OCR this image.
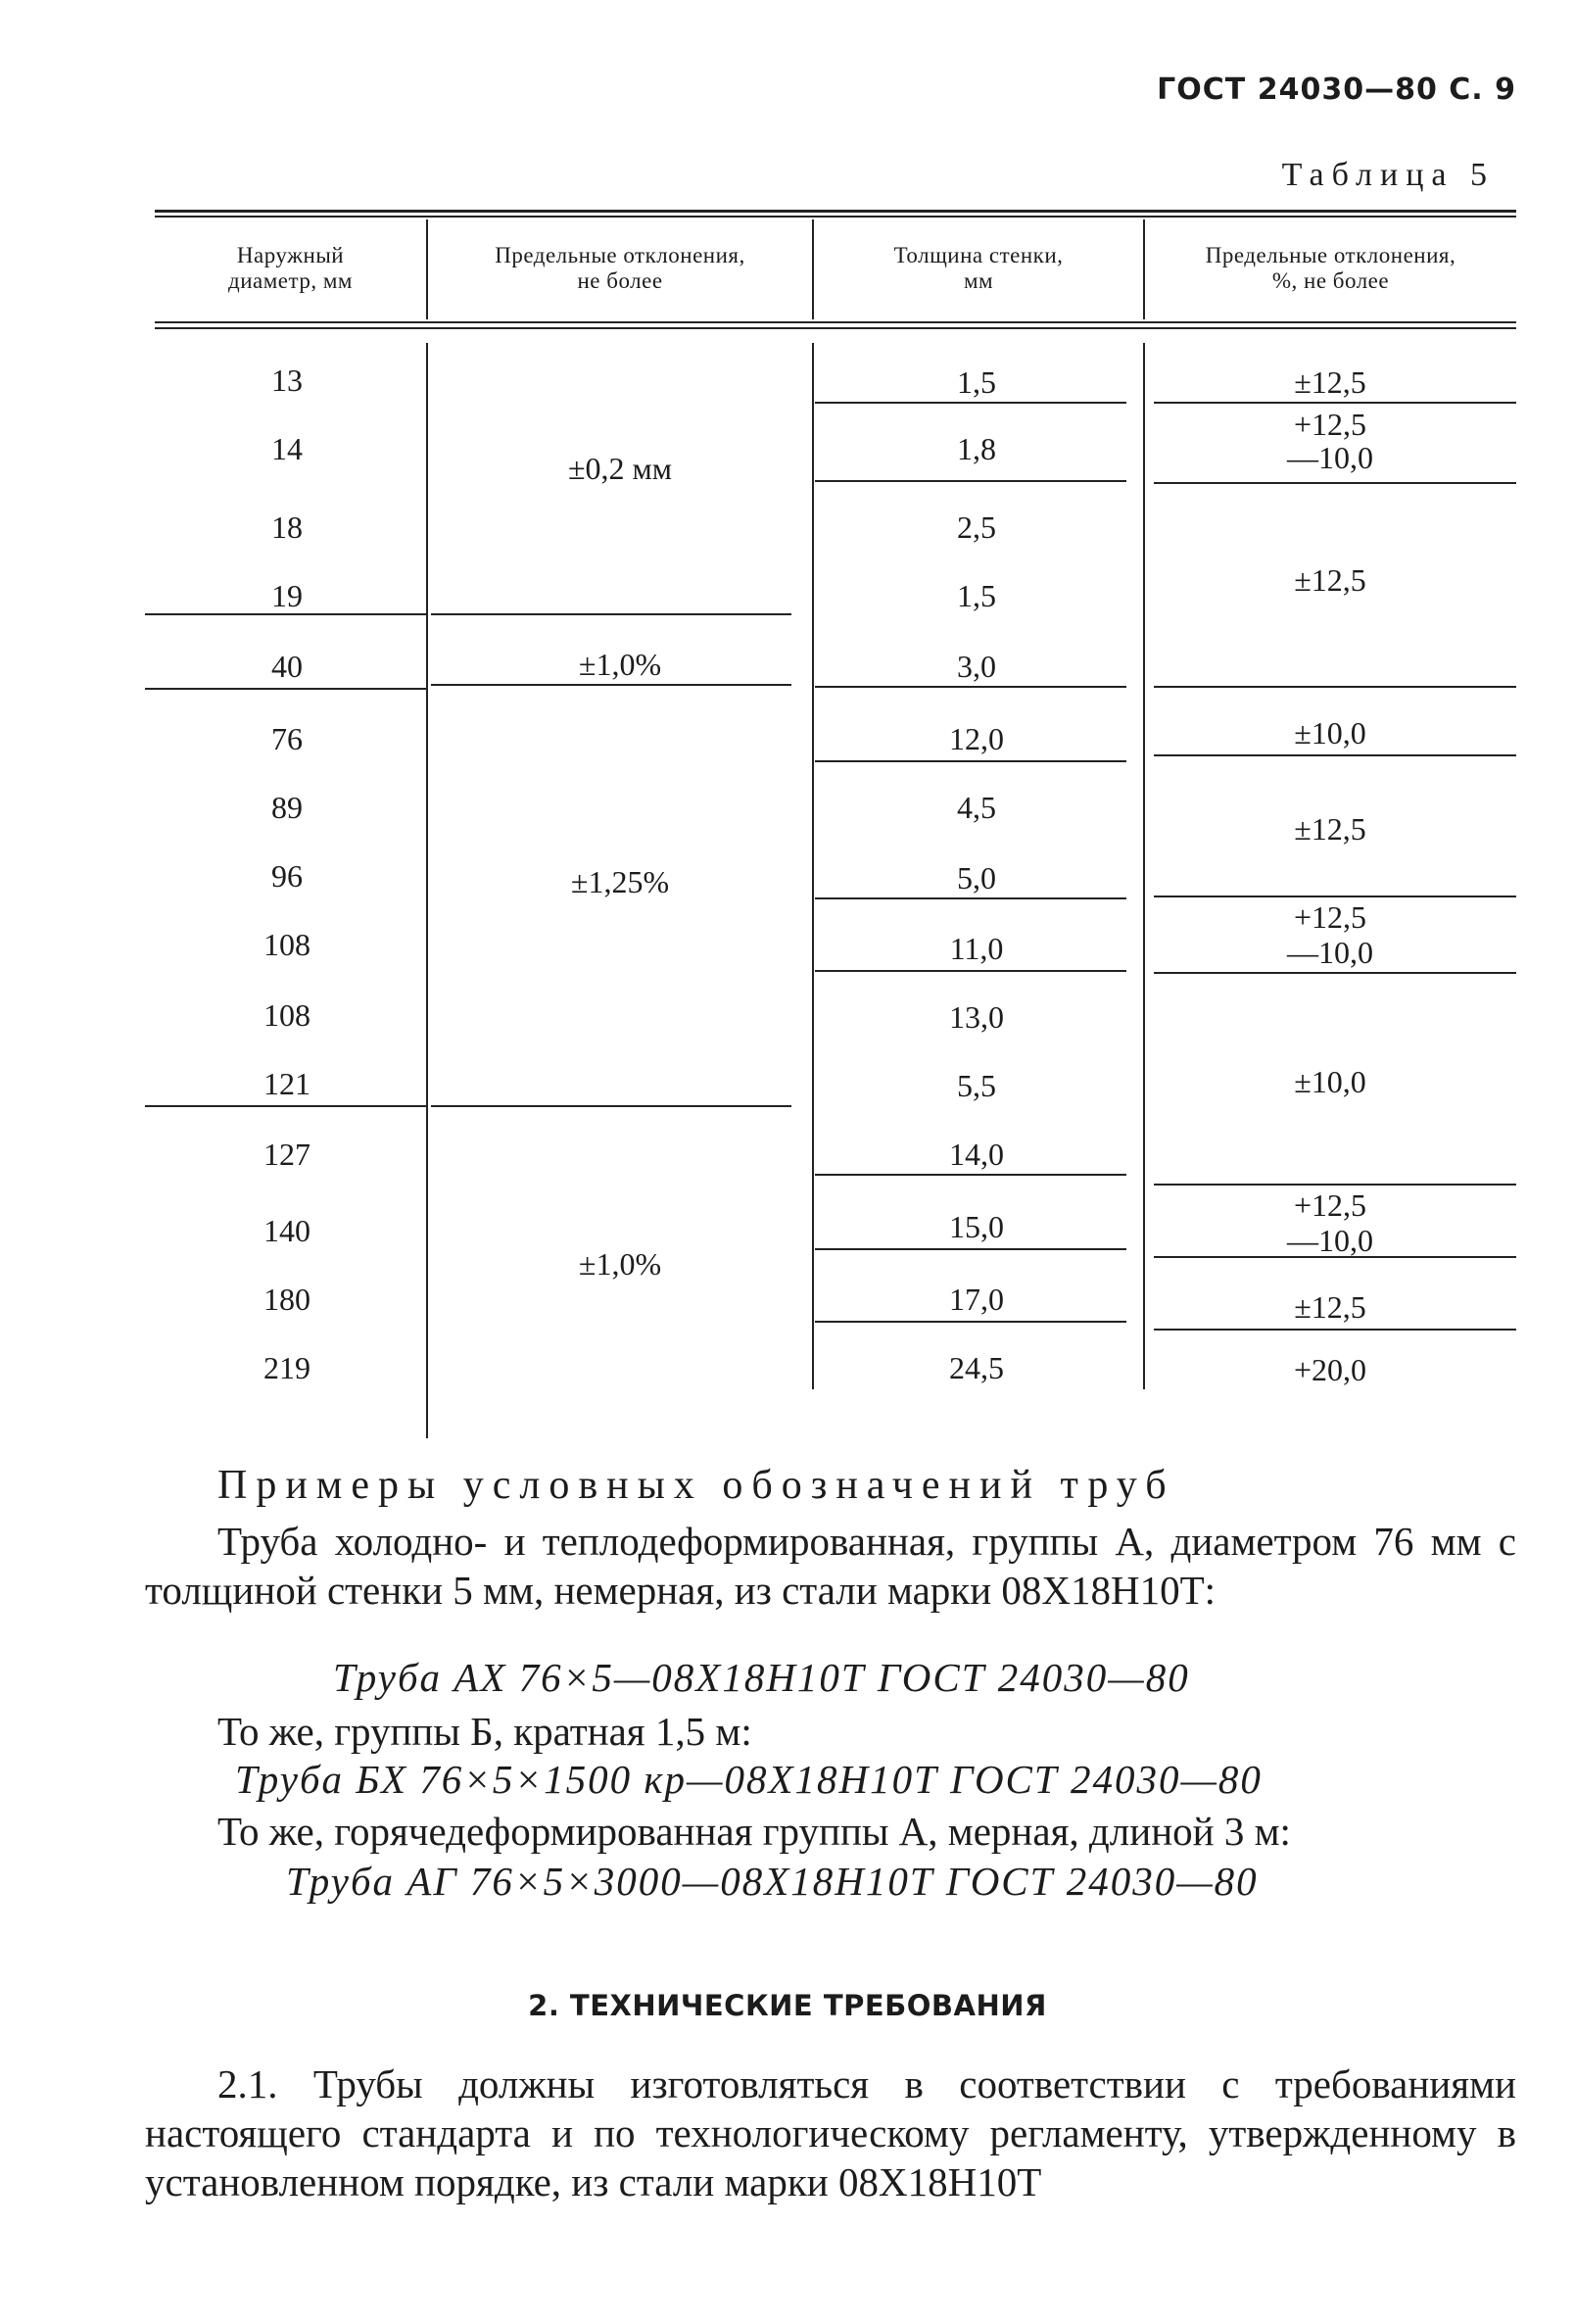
ГОСТ 24030—80 С. 9
Таблица 5
Наружный
диаметр, мм
Предельные отклонения,
не более
Толщина стенки,
мм
Предельные отклонения,
%, не более
13
14
18
19
40
76
89
96
108
108
121
127
140
180
219
±0,2 мм
±1,0%
±1,25%
±1,0%
1,5
1,8
2,5
1,5
3,0
12,0
4,5
5,0
11,0
13,0
5,5
14,0
15,0
17,0
24,5
±12,5
+12,5
—10,0
±12,5
±10,0
±12,5
+12,5
—10,0
±10,0
+12,5
—10,0
±12,5
+20,0
Примеры условных обозначений труб
Труба холодно- и теплодеформированная, группы А, диаметром 76 мм с толщиной стенки 5 мм, немерная, из стали марки 08Х18Н10Т:
Труба АХ 76×5—08Х18Н10Т ГОСТ 24030—80
То же, группы Б, кратная 1,5 м:
Труба БХ 76×5×1500 кр—08Х18Н10Т ГОСТ 24030—80
То же, горячедеформированная группы А, мерная, длиной 3 м:
Труба АГ 76×5×3000—08Х18Н10Т ГОСТ 24030—80
2. ТЕХНИЧЕСКИЕ ТРЕБОВАНИЯ
2.1. Трубы должны изготовляться в соответствии с требованиями настоящего стандарта и по технологическому регламенту, утвержденному в установленном порядке, из стали марки 08Х18Н10Т
